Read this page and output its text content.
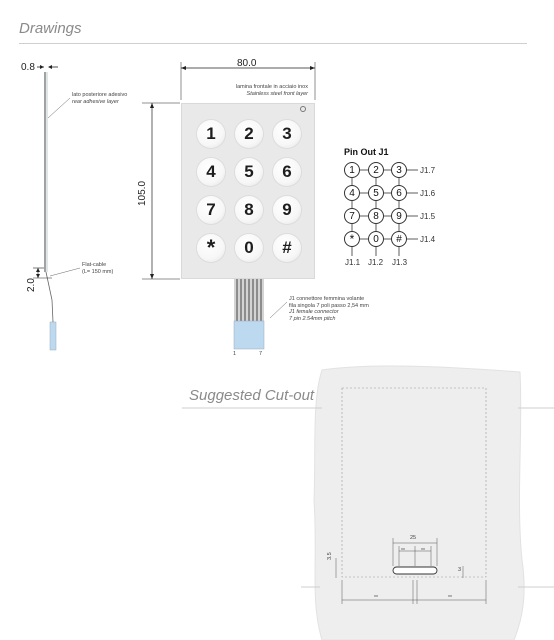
Drawings
0.8
lato posteriore adesivo
rear adhesive layer
Flat-cable
(L= 150 mm)
2.0
80.0
105.0
lamina frontale in acciaio inox
Stainless steel front layer
1	2	3
4	5	6
7	8	9
*	0	#
1	7
J1 connettore femmina volante
fila singola 7 poli passo 2,54 mm
J1 female connector
7 pin 2.54mm pitch
Pin Out J1
1	2	3
4	5	6
7	8	9
*	0	#
J1.7
J1.6
J1.5
J1.4
J1.1 J1.2 J1.3
Suggested Cut-out
25
3
3.5
xx	xx
xx	xx
